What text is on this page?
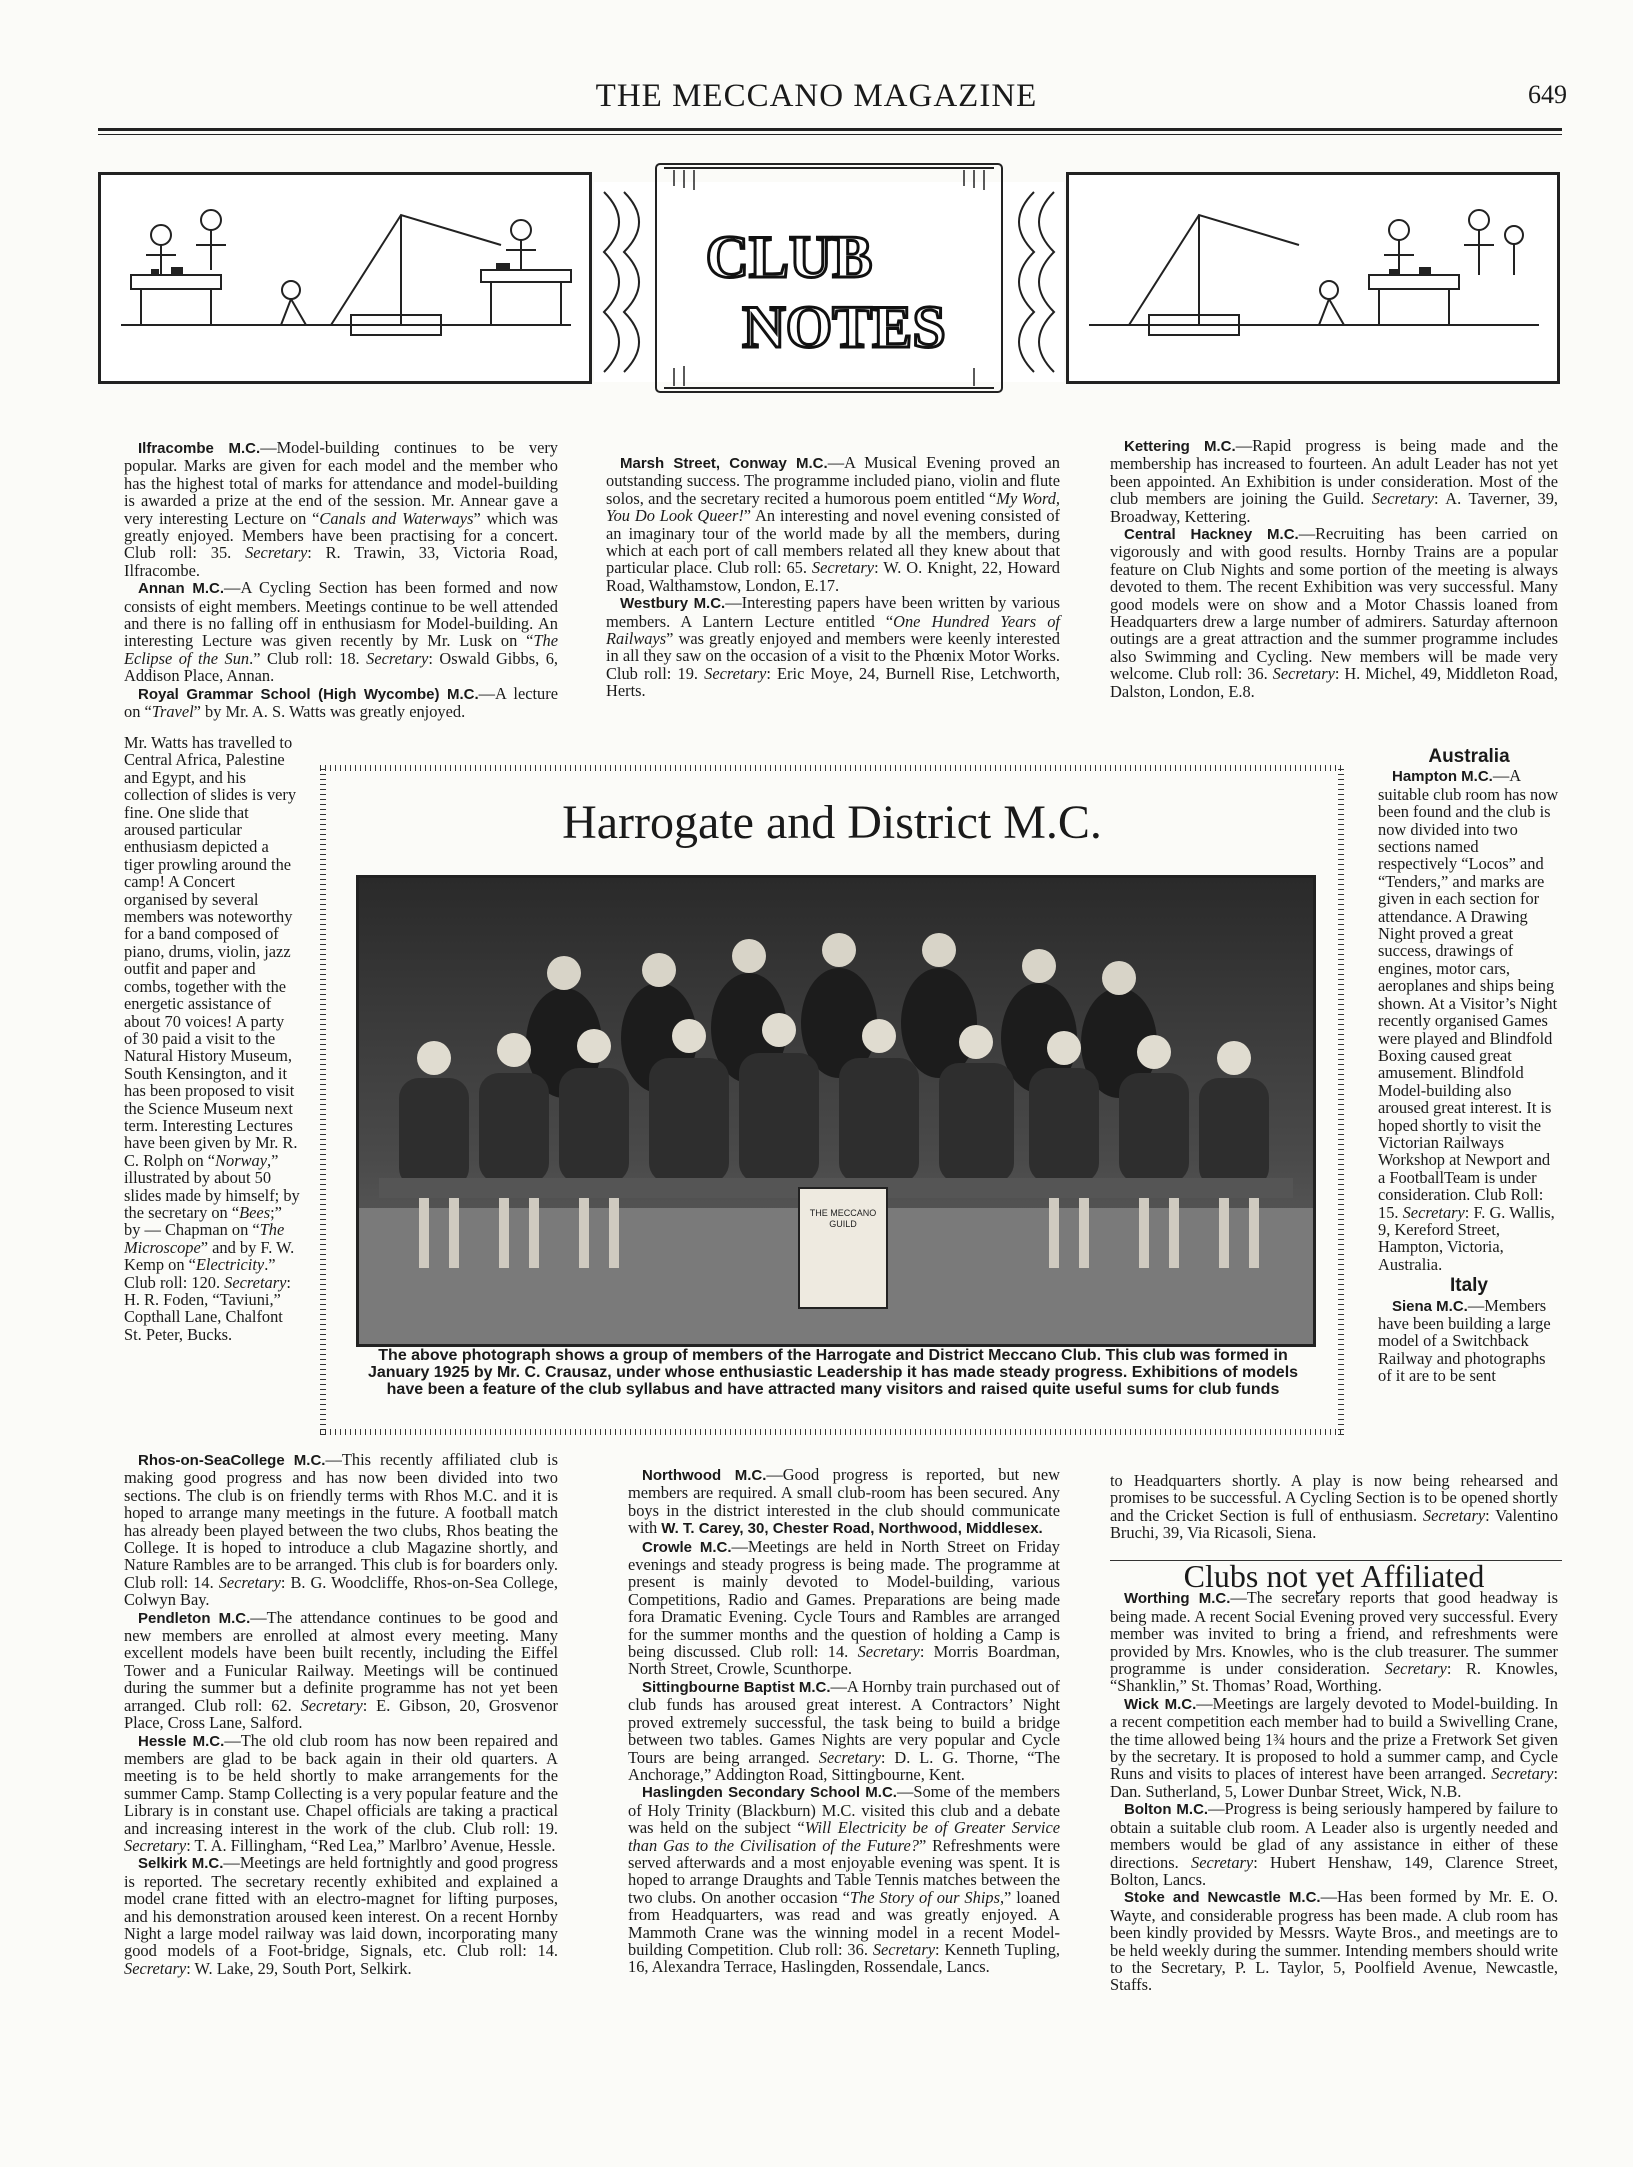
THE MECCANO MAGAZINE	649
CLUB
NOTES

Ilfracombe M.C.—Model-building continues to be very popular. Marks are given for each model and the member who has the highest total of marks for attendance and model-building is awarded a prize at the end of the session. Mr. Annear gave a very interesting Lecture on “Canals and Waterways” which was greatly enjoyed. Members have been practising for a concert. Club roll: 35. Secretary: R. Trawin, 33, Victoria Road, Ilfracombe.

Annan M.C.—A Cycling Section has been formed and now consists of eight members. Meetings continue to be well attended and there is no falling off in enthusiasm for Model-building. An interesting Lecture was given recently by Mr. Lusk on “The Eclipse of the Sun.” Club roll: 18. Secretary: Oswald Gibbs, 6, Addison Place, Annan.

Royal Grammar School (High Wycombe) M.C.—A lecture on “Travel” by Mr. A. S. Watts was greatly enjoyed.

Mr. Watts has travelled to Central Africa, Palestine and Egypt, and his collection of slides is very fine. One slide that aroused particular enthusiasm depicted a tiger prowling around the camp! A Concert organised by several members was noteworthy for a band composed of piano, drums, violin, jazz outfit and paper and combs, together with the energetic assistance of about 70 voices! A party of 30 paid a visit to the Natural History Museum, South Kensington, and it has been proposed to visit the Science Museum next term. Interesting Lectures have been given by Mr. R. C. Rolph on “Norway,” illustrated by about 50 slides made by himself; by the secretary on “Bees;” by — Chapman on “The Microscope” and by F. W. Kemp on “Electricity.” Club roll: 120. Secretary: H. R. Foden, “Taviuni,” Copthall Lane, Chalfont St. Peter, Bucks.

Rhos-on-SeaCollege M.C.—This recently affiliated club is making good progress and has now been divided into two sections. The club is on friendly terms with Rhos M.C. and it is hoped to arrange many meetings in the future. A football match has already been played between the two clubs, Rhos beating the College. It is hoped to introduce a club Magazine shortly, and Nature Rambles are to be arranged. This club is for boarders only. Club roll: 14. Secretary: B. G. Woodcliffe, Rhos-on-Sea College, Colwyn Bay.

Pendleton M.C.—The attendance continues to be good and new members are enrolled at almost every meeting. Many excellent models have been built recently, including the Eiffel Tower and a Funicular Railway. Meetings will be continued during the summer but a definite programme has not yet been arranged. Club roll: 62. Secretary: E. Gibson, 20, Grosvenor Place, Cross Lane, Salford.

Hessle M.C.—The old club room has now been repaired and members are glad to be back again in their old quarters. A meeting is to be held shortly to make arrangements for the summer Camp. Stamp Collecting is a very popular feature and the Library is in constant use. Chapel officials are taking a practical and increasing interest in the work of the club. Club roll: 19. Secretary: T. A. Fillingham, “Red Lea,” Marlbro’ Avenue, Hessle.

Selkirk M.C.—Meetings are held fortnightly and good progress is reported. The secretary recently exhibited and explained a model crane fitted with an electro-magnet for lifting purposes, and his demonstration aroused keen interest. On a recent Hornby Night a large model railway was laid down, incorporating many good models of a Foot-bridge, Signals, etc. Club roll: 14. Secretary: W. Lake, 29, South Port, Selkirk.

Marsh Street, Conway M.C.—A Musical Evening proved an outstanding success. The programme included piano, violin and flute solos, and the secretary recited a humorous poem entitled “My Word, You Do Look Queer!” An interesting and novel evening consisted of an imaginary tour of the world made by all the members, during which at each port of call members related all they knew about that particular place. Club roll: 65. Secretary: W. O. Knight, 22, Howard Road, Walthamstow, London, E.17.

Westbury M.C.—Interesting papers have been written by various members. A Lantern Lecture entitled “One Hundred Years of Railways” was greatly enjoyed and members were keenly interested in all they saw on the occasion of a visit to the Phœnix Motor Works. Club roll: 19. Secretary: Eric Moye, 24, Burnell Rise, Letchworth, Herts.

Northwood M.C.—Good progress is reported, but new members are required. A small club-room has been secured. Any boys in the district interested in the club should communicate with W. T. Carey, 30, Chester Road, Northwood, Middlesex.

Crowle M.C.—Meetings are held in North Street on Friday evenings and steady progress is being made. The programme at present is mainly devoted to Model-building, various Competitions, Radio and Games. Preparations are being made fora Dramatic Evening. Cycle Tours and Rambles are arranged for the summer months and the question of holding a Camp is being discussed. Club roll: 14. Secretary: Morris Boardman, North Street, Crowle, Scunthorpe.

Sittingbourne Baptist M.C.—A Hornby train purchased out of club funds has aroused great interest. A Contractors’ Night proved extremely successful, the task being to build a bridge between two tables. Games Nights are very popular and Cycle Tours are being arranged. Secretary: D. L. G. Thorne, “The Anchorage,” Addington Road, Sittingbourne, Kent.

Haslingden Secondary School M.C.—Some of the members of Holy Trinity (Blackburn) M.C. visited this club and a debate was held on the subject “Will Electricity be of Greater Service than Gas to the Civilisation of the Future?” Refreshments were served afterwards and a most enjoyable evening was spent. It is hoped to arrange Draughts and Table Tennis matches between the two clubs. On another occasion “The Story of our Ships,” loaned from Headquarters, was read and was greatly enjoyed. A Mammoth Crane was the winning model in a recent Model-building Competition. Club roll: 36. Secretary: Kenneth Tupling, 16, Alexandra Terrace, Haslingden, Rossendale, Lancs.

Kettering M.C.—Rapid progress is being made and the membership has increased to fourteen. An adult Leader has not yet been appointed. An Exhibition is under consideration. Most of the club members are joining the Guild. Secretary: A. Taverner, 39, Broadway, Kettering.

Central Hackney M.C.—Recruiting has been carried on vigorously and with good results. Hornby Trains are a popular feature on Club Nights and some portion of the meeting is always devoted to them. The recent Exhibition was very successful. Many good models were on show and a Motor Chassis loaned from Headquarters drew a large number of admirers. Saturday afternoon outings are a great attraction and the summer programme includes also Swimming and Cycling. New members will be made very welcome. Club roll: 36. Secretary: H. Michel, 49, Middleton Road, Dalston, London, E.8.

Australia

Hampton M.C.—A suitable club room has now been found and the club is now divided into two sections named respectively “Locos” and “Tenders,” and marks are given in each section for attendance. A Drawing Night proved a great success, drawings of engines, motor cars, aeroplanes and ships being shown. At a Visitor’s Night recently organised Games were played and Blindfold Boxing caused great amusement. Blindfold Model-building also aroused great interest. It is hoped shortly to visit the Victorian Railways Workshop at Newport and a FootballTeam is under consideration. Club Roll: 15. Secretary: F. G. Wallis, 9, Kereford Street, Hampton, Victoria, Australia.

Italy

Siena M.C.—Members have been building a large model of a Switchback Railway and photographs of it are to be sent

to Headquarters shortly. A play is now being rehearsed and promises to be successful. A Cycling Section is to be opened shortly and the Cricket Section is full of enthusiasm. Secretary: Valentino Bruchi, 39, Via Ricasoli, Siena.

Clubs not yet Affiliated

Worthing M.C.—The secretary reports that good headway is being made. A recent Social Evening proved very successful. Every member was invited to bring a friend, and refreshments were provided by Mrs. Knowles, who is the club treasurer. The summer programme is under consideration. Secretary: R. Knowles, “Shanklin,” St. Thomas’ Road, Worthing.

Wick M.C.—Meetings are largely devoted to Model-building. In a recent competition each member had to build a Swivelling Crane, the time allowed being 1¾ hours and the prize a Fretwork Set given by the secretary. It is proposed to hold a summer camp, and Cycle Runs and visits to places of interest have been arranged. Secretary: Dan. Sutherland, 5, Lower Dunbar Street, Wick, N.B.

Bolton M.C.—Progress is being seriously hampered by failure to obtain a suitable club room. A Leader also is urgently needed and members would be glad of any assistance in either of these directions. Secretary: Hubert Henshaw, 149, Clarence Street, Bolton, Lancs.

Stoke and Newcastle M.C.—Has been formed by Mr. E. O. Wayte, and considerable progress has been made. A club room has been kindly provided by Messrs. Wayte Bros., and meetings are to be held weekly during the summer. Intending members should write to the Secretary, P. L. Taylor, 5, Poolfield Avenue, Newcastle, Staffs.

Harrogate and District M.C.
THE MECCANO GUILD
The above photograph shows a group of members of the Harrogate and District Meccano Club. This club was formed in January 1925 by Mr. C. Crausaz, under whose enthusiastic Leadership it has made steady progress. Exhibitions of models have been a feature of the club syllabus and have attracted many visitors and raised quite useful sums for club funds
